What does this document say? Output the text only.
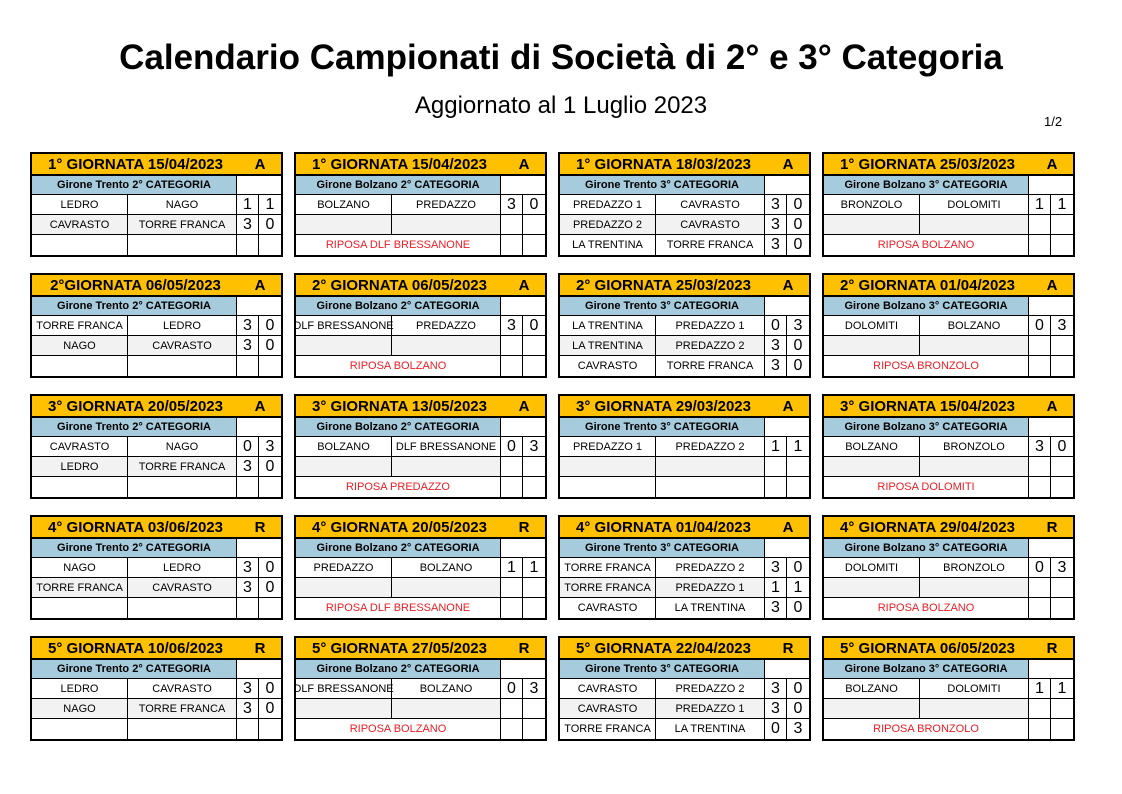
Calendario Campionati di Società di 2° e 3° Categoria
Aggiornato al 1 Luglio 2023
1/2
1° GIORNATA 15/04/2023	A
Girone Trento 2° CATEGORIA
LEDRO	NAGO	1 1
CAVRASTO	TORRE FRANCA	3 0
1° GIORNATA 15/04/2023	A
Girone Bolzano 2° CATEGORIA
BOLZANO	PREDAZZO	3 0
RIPOSA DLF BRESSANONE
1° GIORNATA 18/03/2023	A
Girone Trento 3° CATEGORIA
PREDAZZO 1	CAVRASTO	3 0
PREDAZZO 2	CAVRASTO	3 0
LA TRENTINA	TORRE FRANCA	3 0
1° GIORNATA 25/03/2023	A
Girone Bolzano 3° CATEGORIA
BRONZOLO	DOLOMITI	1 1
RIPOSA BOLZANO
2°GIORNATA 06/05/2023	A
Girone Trento 2° CATEGORIA
TORRE FRANCA	LEDRO	3 0
NAGO	CAVRASTO	3 0
2° GIORNATA 06/05/2023	A
Girone Bolzano 2° CATEGORIA
DLF BRESSANONE	PREDAZZO	3 0
RIPOSA BOLZANO
2° GIORNATA 25/03/2023	A
Girone Trento 3° CATEGORIA
LA TRENTINA	PREDAZZO 1	0 3
LA TRENTINA	PREDAZZO 2	3 0
CAVRASTO	TORRE FRANCA	3 0
2° GIORNATA 01/04/2023	A
Girone Bolzano 3° CATEGORIA
DOLOMITI	BOLZANO	0 3
RIPOSA BRONZOLO
3° GIORNATA 20/05/2023	A
Girone Trento 2° CATEGORIA
CAVRASTO	NAGO	0 3
LEDRO	TORRE FRANCA	3 0
3° GIORNATA 13/05/2023	A
Girone Bolzano 2° CATEGORIA
BOLZANO	DLF BRESSANONE 0 3
RIPOSA PREDAZZO
3° GIORNATA 29/03/2023	A
Girone Trento 3° CATEGORIA
PREDAZZO 1	PREDAZZO 2	1 1
3° GIORNATA 15/04/2023	A
Girone Bolzano 3° CATEGORIA
BOLZANO	BRONZOLO	3 0
RIPOSA DOLOMITI
4° GIORNATA 03/06/2023	R
Girone Trento 2° CATEGORIA
NAGO	LEDRO	3 0
TORRE FRANCA	CAVRASTO	3 0
4° GIORNATA 20/05/2023	R
Girone Bolzano 2° CATEGORIA
PREDAZZO	BOLZANO	1 1
RIPOSA DLF BRESSANONE
4° GIORNATA 01/04/2023	A
Girone Trento 3° CATEGORIA
TORRE FRANCA	PREDAZZO 2	3 0
TORRE FRANCA	PREDAZZO 1	1 1
CAVRASTO	LA TRENTINA	3 0
4° GIORNATA 29/04/2023	R
Girone Bolzano 3° CATEGORIA
DOLOMITI	BRONZOLO	0 3
RIPOSA BOLZANO
5° GIORNATA 10/06/2023	R
Girone Trento 2° CATEGORIA
LEDRO	CAVRASTO	3 0
NAGO	TORRE FRANCA	3 0
5° GIORNATA 27/05/2023	R
Girone Bolzano 2° CATEGORIA
DLF BRESSANONE	BOLZANO	0 3
RIPOSA BOLZANO
5° GIORNATA 22/04/2023	R
Girone Trento 3° CATEGORIA
CAVRASTO	PREDAZZO 2	3 0
CAVRASTO	PREDAZZO 1	3 0
TORRE FRANCA	LA TRENTINA	0 3
5° GIORNATA 06/05/2023	R
Girone Bolzano 3° CATEGORIA
BOLZANO	DOLOMITI	1 1
RIPOSA BRONZOLO
